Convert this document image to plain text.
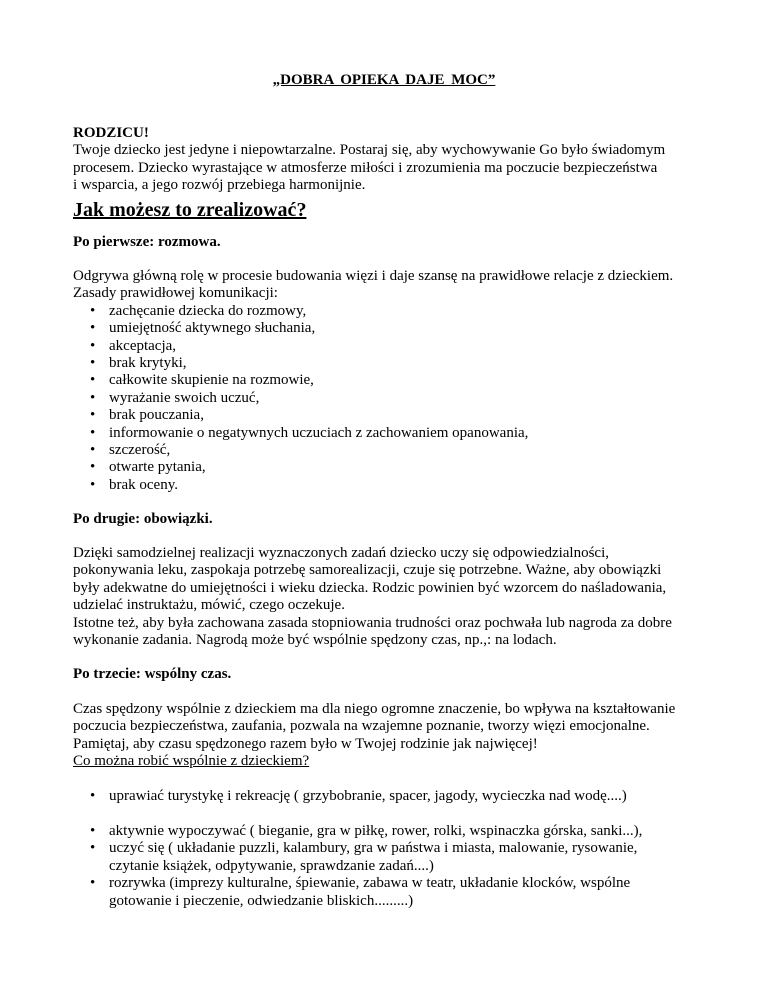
„DOBRA OPIEKA DAJE MOC”

RODZICU!

Twoje dziecko jest jedyne i niepowtarzalne. Postaraj się, aby wychowywanie Go było świadomym

procesem. Dziecko wyrastające w atmosferze miłości i zrozumienia ma poczucie bezpieczeństwa

i wsparcia, a jego rozwój przebiega harmonijnie.

Jak możesz to zrealizować?
Po pierwsze: rozmowa.

Odgrywa główną rolę w procesie budowania więzi i daje szansę na prawidłowe relacje z dzieckiem.

Zasady prawidłowej komunikacji:

• zachęcanie dziecka do rozmowy,
• umiejętność aktywnego słuchania,
• akceptacja,
• brak krytyki,
• całkowite skupienie na rozmowie,
• wyrażanie swoich uczuć,
• brak pouczania,
• informowanie o negatywnych uczuciach z zachowaniem opanowania,
• szczerość,
• otwarte pytania,
• brak oceny.
Po drugie: obowiązki.

Dzięki samodzielnej realizacji wyznaczonych zadań dziecko uczy się odpowiedzialności,

pokonywania leku, zaspokaja potrzebę samorealizacji, czuje się potrzebne. Ważne, aby obowiązki

były adekwatne do umiejętności i wieku dziecka. Rodzic powinien być wzorcem do naśladowania,

udzielać instruktażu, mówić, czego oczekuje.

Istotne też, aby była zachowana zasada stopniowania trudności oraz pochwała lub nagroda za dobre

wykonanie zadania. Nagrodą może być wspólnie spędzony czas, np.,: na lodach.

Po trzecie: wspólny czas.

Czas spędzony wspólnie z dzieckiem ma dla niego ogromne znaczenie, bo wpływa na kształtowanie

poczucia bezpieczeństwa, zaufania, pozwala na wzajemne poznanie, tworzy więzi emocjonalne.

Pamiętaj, aby czasu spędzonego razem było w Twojej rodzinie jak najwięcej!

Co można robić wspólnie z dzieckiem?
• uprawiać turystykę i rekreację ( grzybobranie, spacer, jagody, wycieczka nad wodę....)
• aktywnie wypoczywać ( bieganie, gra w piłkę, rower, rolki, wspinaczka górska, sanki...),
• uczyć się ( układanie puzzli, kalambury, gra w państwa i miasta, malowanie, rysowanie,
czytanie książek, odpytywanie, sprawdzanie zadań....)
• rozrywka (imprezy kulturalne, śpiewanie, zabawa w teatr, układanie klocków, wspólne
gotowanie i pieczenie, odwiedzanie bliskich.........)
